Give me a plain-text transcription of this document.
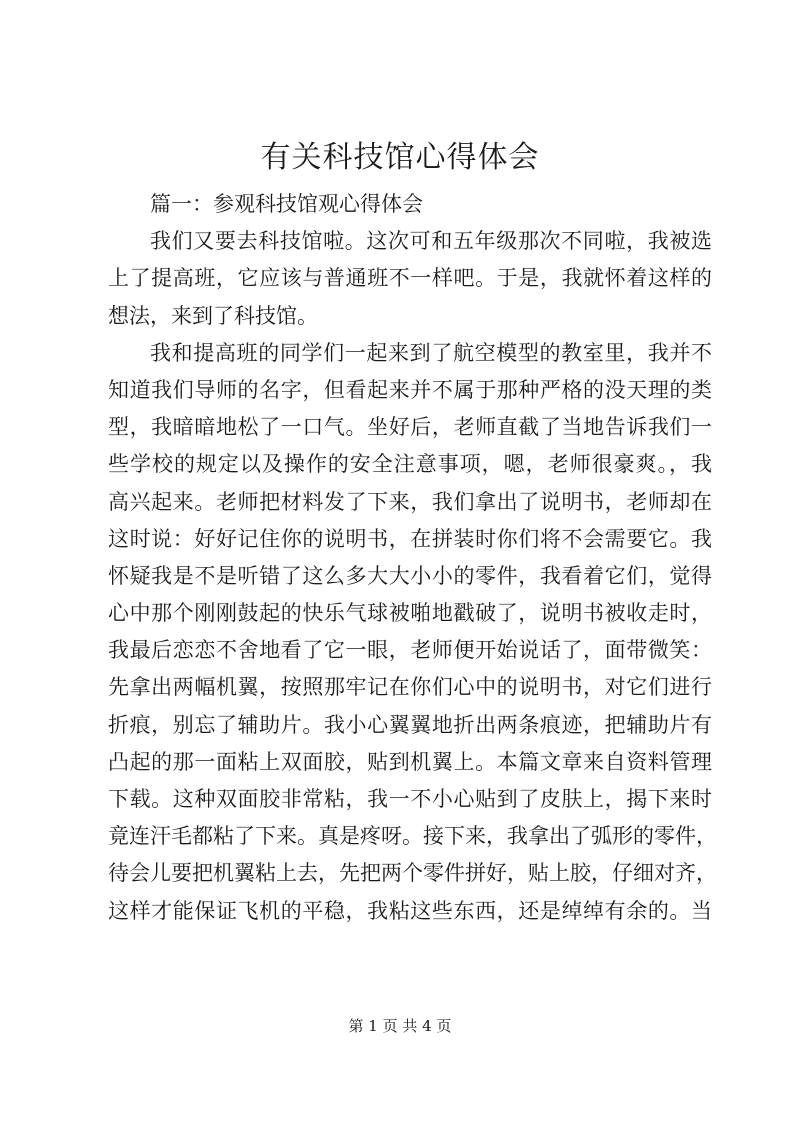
有关科技馆心得体会
篇一：参观科技馆观心得体会
我们又要去科技馆啦。这次可和五年级那次不同啦，我被选
上了提高班，它应该与普通班不一样吧。于是，我就怀着这样的
想法，来到了科技馆。
我和提高班的同学们一起来到了航空模型的教室里，我并不
知道我们导师的名字，但看起来并不属于那种严格的没天理的类
型，我暗暗地松了一口气。坐好后，老师直截了当地告诉我们一
些学校的规定以及操作的安全注意事项，嗯，老师很豪爽。，我
高兴起来。老师把材料发了下来，我们拿出了说明书，老师却在
这时说：好好记住你的说明书，在拼装时你们将不会需要它。我
怀疑我是不是听错了这么多大大小小的零件，我看着它们，觉得
心中那个刚刚鼓起的快乐气球被啪地戳破了，说明书被收走时，
我最后恋恋不舍地看了它一眼，老师便开始说话了，面带微笑：
先拿出两幅机翼，按照那牢记在你们心中的说明书，对它们进行
折痕，别忘了辅助片。我小心翼翼地折出两条痕迹，把辅助片有
凸起的那一面粘上双面胶，贴到机翼上。本篇文章来自资料管理
下载。这种双面胶非常粘，我一不小心贴到了皮肤上，揭下来时
竟连汗毛都粘了下来。真是疼呀。接下来，我拿出了弧形的零件，
待会儿要把机翼粘上去，先把两个零件拼好，贴上胶，仔细对齐，
这样才能保证飞机的平稳，我粘这些东西，还是绰绰有余的。当
第 1 页 共 4 页
